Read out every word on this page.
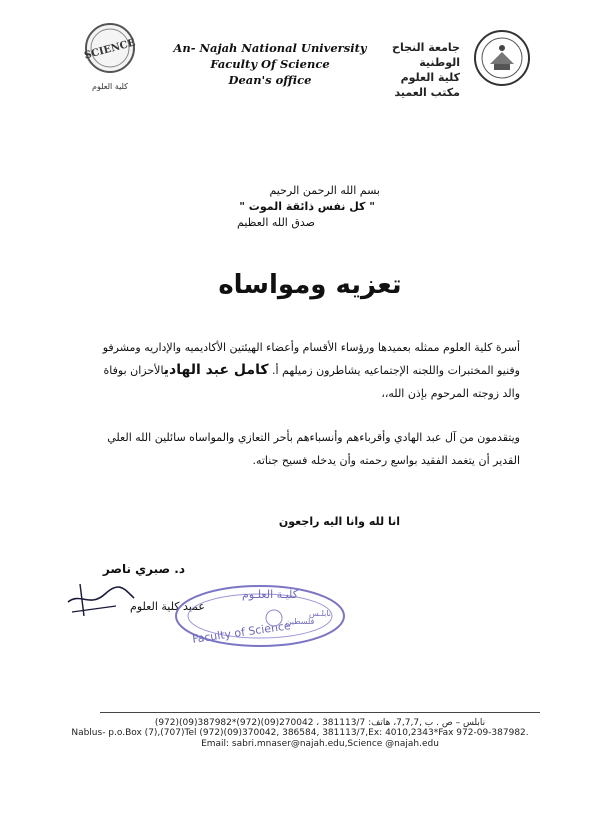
SCIENCE
كلية العلوم
An- Najah National University
Faculty Of Science
Dean's office
جامعة النجاح الوطنية
كلية العلوم
مكتب العميد
بسم الله الرحمن الرحيم
" كل نفس ذائقة الموت "
صدق الله العظيم
تعزيه ومواساه
أسرة كلية العلوم ممثله بعميدها ورؤساء الأقسام وأعضاء الهيئتين الأكاديميه والإداريه ومشرفو وفنيو المختبرات واللجنه الإجتماعيه يشاطرون زميلهم أ. كامل عبد الهاديالأحزان بوفاة والد زوجته المرحوم بإذن الله،،
ويتقدمون من آل عبد الهادي وأقرباءهم وأنسباءهم بأحر التعازي والمواساه سائلين الله العلي القدير أن يتغمد الفقيد بواسع رحمته وأن يدخله فسيح جناته.
انا لله وانا اليه راجعون
د. صبري ناصر
عميد كلية العلوم
كليـة العلـوم
نابلـس
فلسطين
Faculty of Science
نابلس – ص . ب ,7,7,7، هاتف: 381113/7 ، 270042(09)(972)*387982(09)(972)
Nablus- p.o.Box (7),(707)Tel (972)(09)370042, 386584, 381113/7,Ex: 4010,2343*Fax 972-09-387982.
Email: sabri.mnaser@najah.edu,Science @najah.edu
